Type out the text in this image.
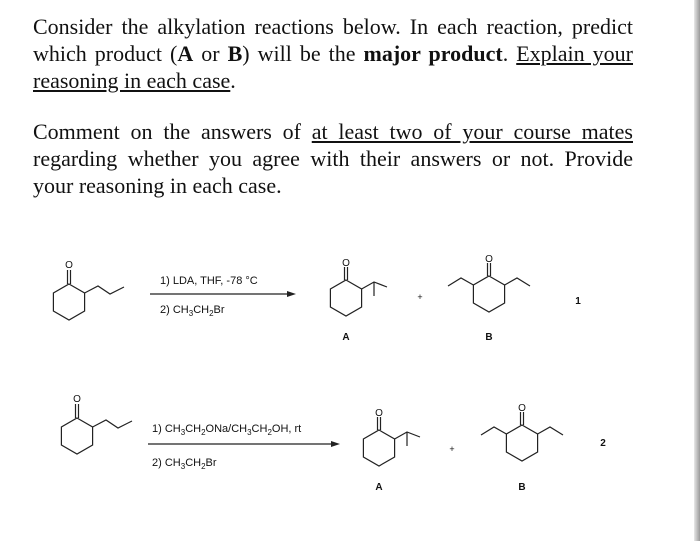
Consider the alkylation reactions below. In each reaction, predict which product (A or B) will be the major product. Explain your reasoning in each case.
Comment on the answers of at least two of your course mates regarding whether you agree with their answers or not. Provide your reasoning in each case.
O
1) LDA, THF, -78 °C
2) $CH_3CH_2Br$
O
A
+
O
B
1
O
1) $CH_3CH_2ONa/CH_3CH_2OH$, rt
2) $CH_3CH_2Br$
O
A
+
O
B
2
